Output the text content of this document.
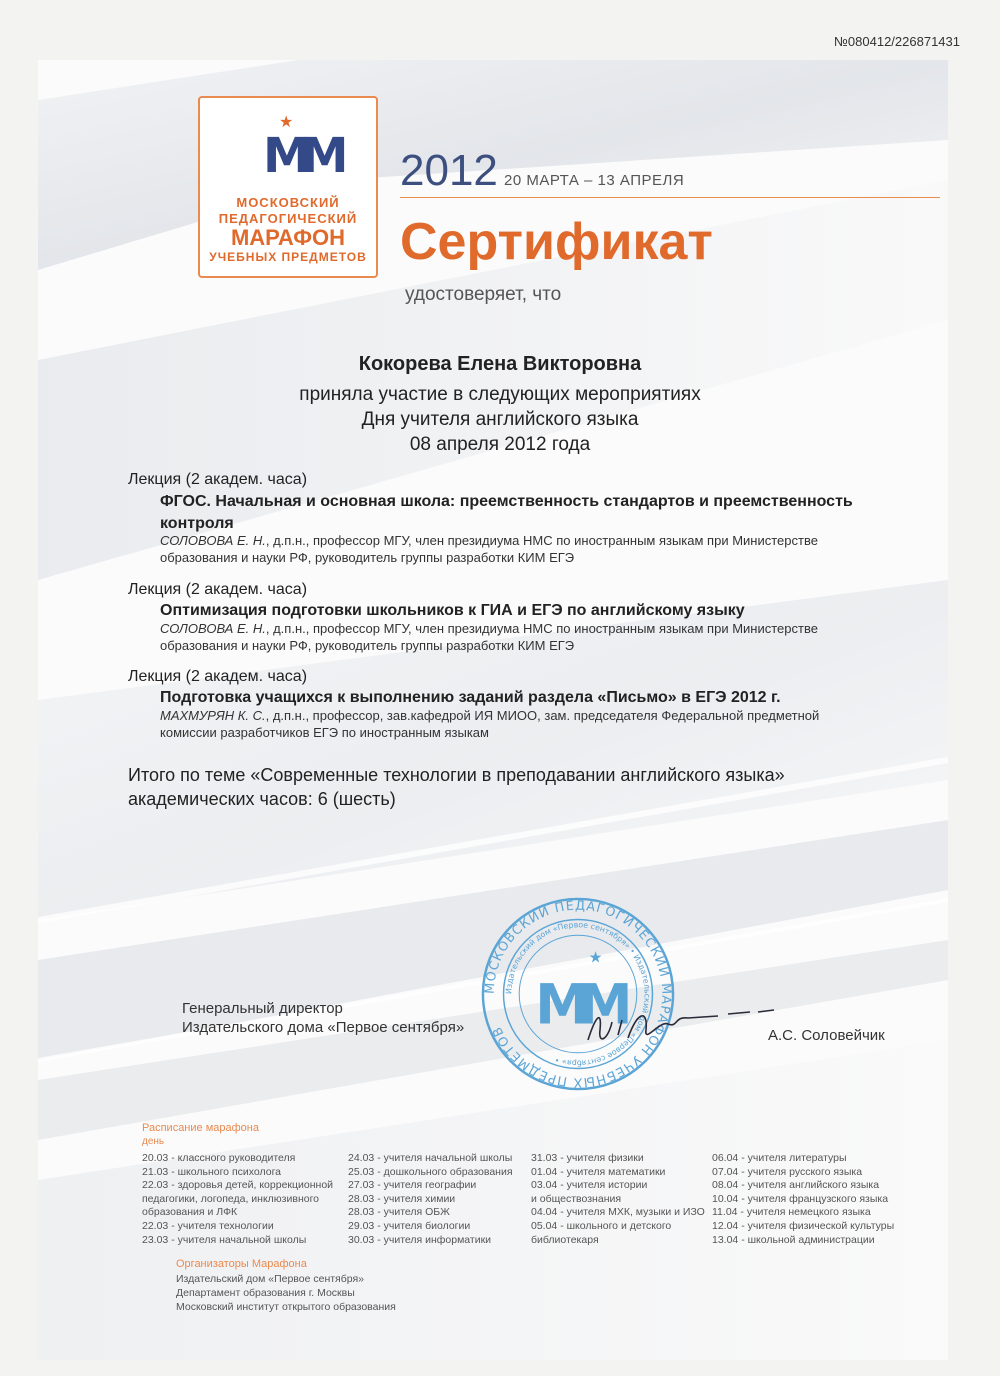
№080412/226871431
★
MM
МОСКОВСКИЙ
ПЕДАГОГИЧЕСКИЙ
МАРАФОН
УЧЕБНЫХ ПРЕДМЕТОВ
2012 20 МАРТА – 13 АПРЕЛЯ
Сертификат
удостоверяет, что
Кокорева Елена Викторовна
приняла участие в следующих мероприятиях
Дня учителя английского языка
08 апреля 2012 года
Лекция (2 академ. часа)
ФГОС. Начальная и основная школа: преемственность стандартов и преемственность контроля
СОЛОВОВА Е. Н., д.п.н., профессор МГУ, член президиума НМС по иностранным языкам при Министерстве образования и науки РФ, руководитель группы разработки КИМ ЕГЭ
Лекция (2 академ. часа)
Оптимизация подготовки школьников к ГИА и ЕГЭ по английскому языку
СОЛОВОВА Е. Н., д.п.н., профессор МГУ, член президиума НМС по иностранным языкам при Министерстве образования и науки РФ, руководитель группы разработки КИМ ЕГЭ
Лекция (2 академ. часа)
Подготовка учащихся к выполнению заданий раздела «Письмо» в ЕГЭ 2012 г.
МАХМУРЯН К. С., д.п.н., профессор, зав.кафедрой ИЯ МИОО, зам. председателя Федеральной предметной комиссии разработчиков ЕГЭ по иностранным языкам
Итого по теме «Современные технологии в преподавании английского языка»
академических часов: 6 (шесть)
Генеральный директор
Издательского дома «Первое сентября»
МОСКОВСКИЙ ПЕДАГОГИЧЕСКИЙ МАРАФОН УЧЕБНЫХ ПРЕДМЕТОВ
Издательский дом «Первое сентября» • Издательский дом «Первое сентября» •
MM
★
А.С. Соловейчик
Расписание марафона
день
20.03 - классного руководителя
21.03 - школьного психолога
22.03 - здоровья детей, коррекционной
педагогики, логопеда, инклюзивного
образования и ЛФК
22.03 - учителя технологии
23.03 - учителя начальной школы
24.03 - учителя начальной школы
25.03 - дошкольного образования
27.03 - учителя географии
28.03 - учителя химии
28.03 - учителя ОБЖ
29.03 - учителя биологии
30.03 - учителя информатики
31.03 - учителя физики
01.04 - учителя математики
03.04 - учителя истории
и обществознания
04.04 - учителя МХК, музыки и ИЗО
05.04 - школьного и детского
библиотекаря
06.04 - учителя литературы
07.04 - учителя русского языка
08.04 - учителя английского языка
10.04 - учителя французского языка
11.04 - учителя немецкого языка
12.04 - учителя физической культуры
13.04 - школьной администрации
Организаторы Марафона
Издательский дом «Первое сентября»
Департамент образования г. Москвы
Московский институт открытого образования
